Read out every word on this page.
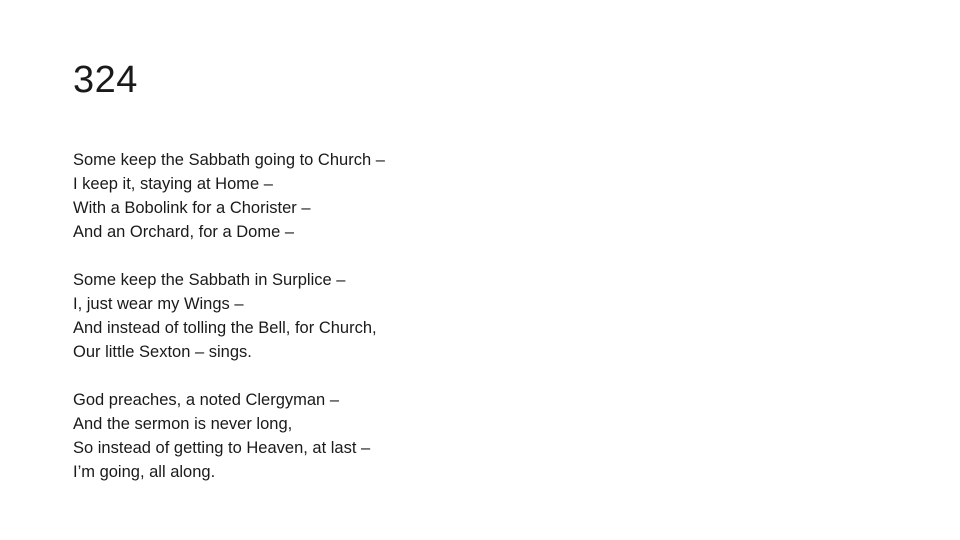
324
Some keep the Sabbath going to Church –
I keep it, staying at Home –
With a Bobolink for a Chorister –
And an Orchard, for a Dome –
Some keep the Sabbath in Surplice –
I, just wear my Wings –
And instead of tolling the Bell, for Church,
Our little Sexton – sings.
God preaches, a noted Clergyman –
And the sermon is never long,
So instead of getting to Heaven, at last –
I’m going, all along.
